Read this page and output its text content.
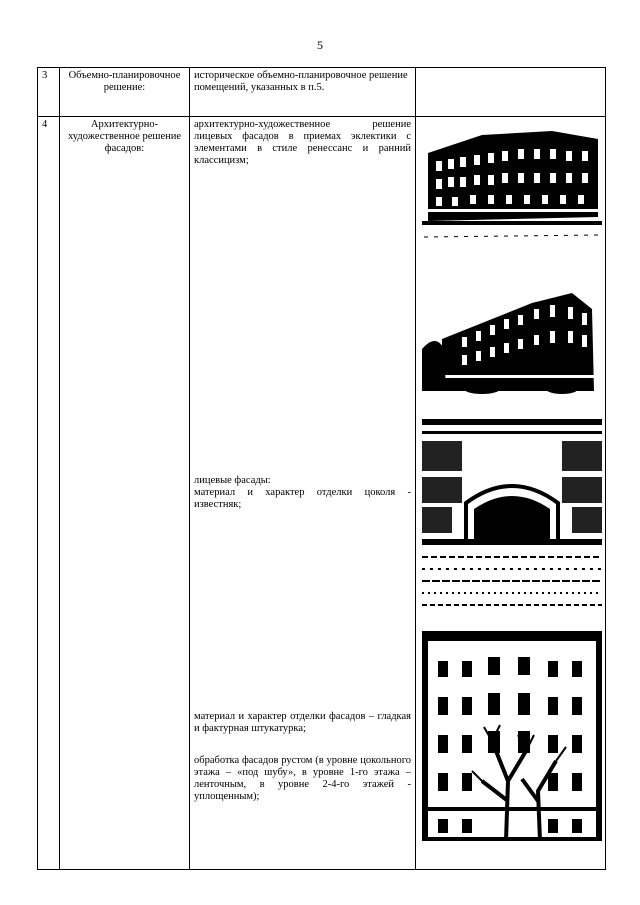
5
3	Объемно-планировочное решение:	историческое объемно-планировочное решение помещений, указанных в п.5.	
4	Архитектурно-художественное решение фасадов:	архитектурно-художественное решение лицевых фасадов в приемах эклектики с элементами в стиле ренессанс и ранний классицизм;
лицевые фасады:
материал и характер отделки цоколя - известняк;
материал и характер отделки фасадов – гладкая и фактурная штукатурка;
обработка фасадов рустом (в уровне цокольного этажа – «под шубу», в уровне 1-го этажа – ленточным, в уровне 2-4-го этажей - уплощенным);
